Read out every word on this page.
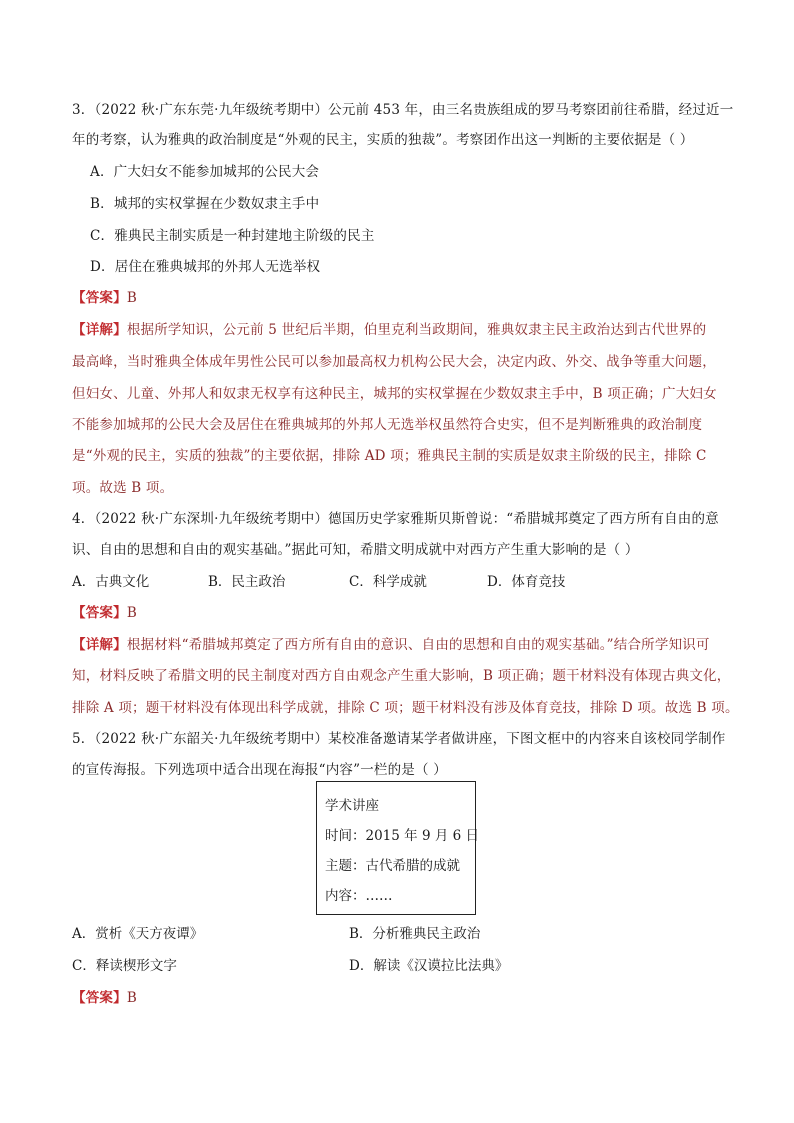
3．（2022 秋·广东东莞·九年级统考期中）公元前 453 年，由三名贵族组成的罗马考察团前往希腊，经过近一
年的考察，认为雅典的政治制度是“外观的民主，实质的独裁”。考察团作出这一判断的主要依据是（ ）
A．广大妇女不能参加城邦的公民大会
B．城邦的实权掌握在少数奴隶主手中
C．雅典民主制实质是一种封建地主阶级的民主
D．居住在雅典城邦的外邦人无选举权
【答案】B
【详解】根据所学知识，公元前 5 世纪后半期，伯里克利当政期间，雅典奴隶主民主政治达到古代世界的
最高峰，当时雅典全体成年男性公民可以参加最高权力机构公民大会，决定内政、外交、战争等重大问题，
但妇女、儿童、外邦人和奴隶无权享有这种民主，城邦的实权掌握在少数奴隶主手中，B 项正确；广大妇女
不能参加城邦的公民大会及居住在雅典城邦的外邦人无选举权虽然符合史实，但不是判断雅典的政治制度
是“外观的民主，实质的独裁”的主要依据，排除 AD 项；雅典民主制的实质是奴隶主阶级的民主，排除 C
项。故选 B 项。
4．（2022 秋·广东深圳·九年级统考期中）德国历史学家雅斯贝斯曾说：“希腊城邦奠定了西方所有自由的意
识、自由的思想和自由的观实基础。”据此可知，希腊文明成就中对西方产生重大影响的是（ ）
A．古典文化	B．民主政治	C．科学成就	D．体育竞技
【答案】B
【详解】根据材料“希腊城邦奠定了西方所有自由的意识、自由的思想和自由的观实基础。”结合所学知识可
知，材料反映了希腊文明的民主制度对西方自由观念产生重大影响，B 项正确；题干材料没有体现古典文化，
排除 A 项；题干材料没有体现出科学成就，排除 C 项；题干材料没有涉及体育竞技，排除 D 项。故选 B 项。
5．（2022 秋·广东韶关·九年级统考期中）某校准备邀请某学者做讲座，下图文框中的内容来自该校同学制作
的宣传海报。下列选项中适合出现在海报“内容”一栏的是（ ）
学术讲座
时间：2015 年 9 月 6 日
主题：古代希腊的成就
内容：……
A．赏析《天方夜谭》	B．分析雅典民主政治
C．释读楔形文字	D．解读《汉谟拉比法典》
【答案】B
